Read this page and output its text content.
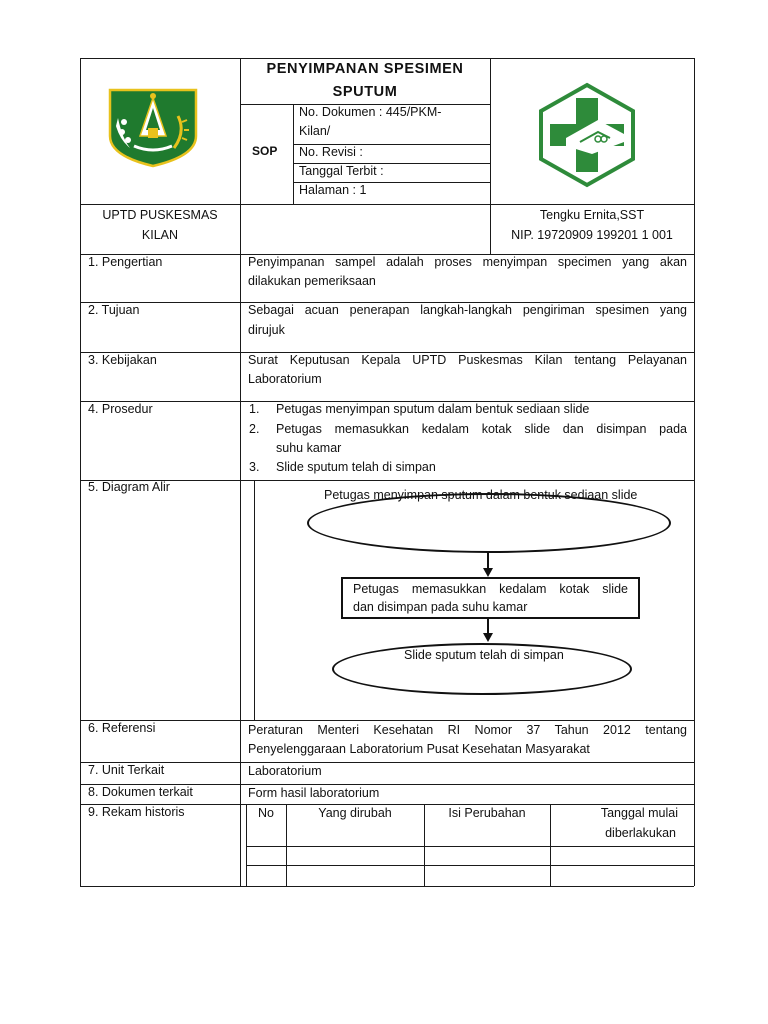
PENYIMPANAN SPESIMEN
SPUTUM
SOP
No. Dokumen : 445/PKM-
Kilan/
No. Revisi :
Tanggal Terbit :
Halaman : 1
UPTD PUSKESMAS
KILAN
Tengku Ernita,SST
NIP. 19720909 199201 1 001
1. Pengertian	Penyimpanan sampel adalah proses menyimpan specimen yang akan
dilakukan pemeriksaan
2. Tujuan	Sebagai acuan penerapan langkah-langkah pengiriman spesimen yang
dirujuk
3. Kebijakan	Surat Keputusan Kepala UPTD Puskesmas Kilan tentang Pelayanan
Laboratorium
4. Prosedur	1. Petugas menyimpan sputum dalam bentuk sediaan slide
2. Petugas memasukkan kedalam kotak slide dan disimpan pada
suhu kamar
3. Slide sputum telah di simpan
5. Diagram Alir
Petugas menyimpan sputum dalam bentuk sediaan slide
Petugas memasukkan kedalam kotak slide
dan disimpan pada suhu kamar
Slide sputum telah di simpan
6. Referensi	Peraturan Menteri Kesehatan RI Nomor 37 Tahun 2012 tentang
Penyelenggaraan Laboratorium Pusat Kesehatan Masyarakat
7. Unit Terkait	Laboratorium
8. Dokumen terkait	Form hasil laboratorium
9. Rekam historis	No	Yang dirubah	Isi Perubahan	Tanggal mulai
diberlakukan
